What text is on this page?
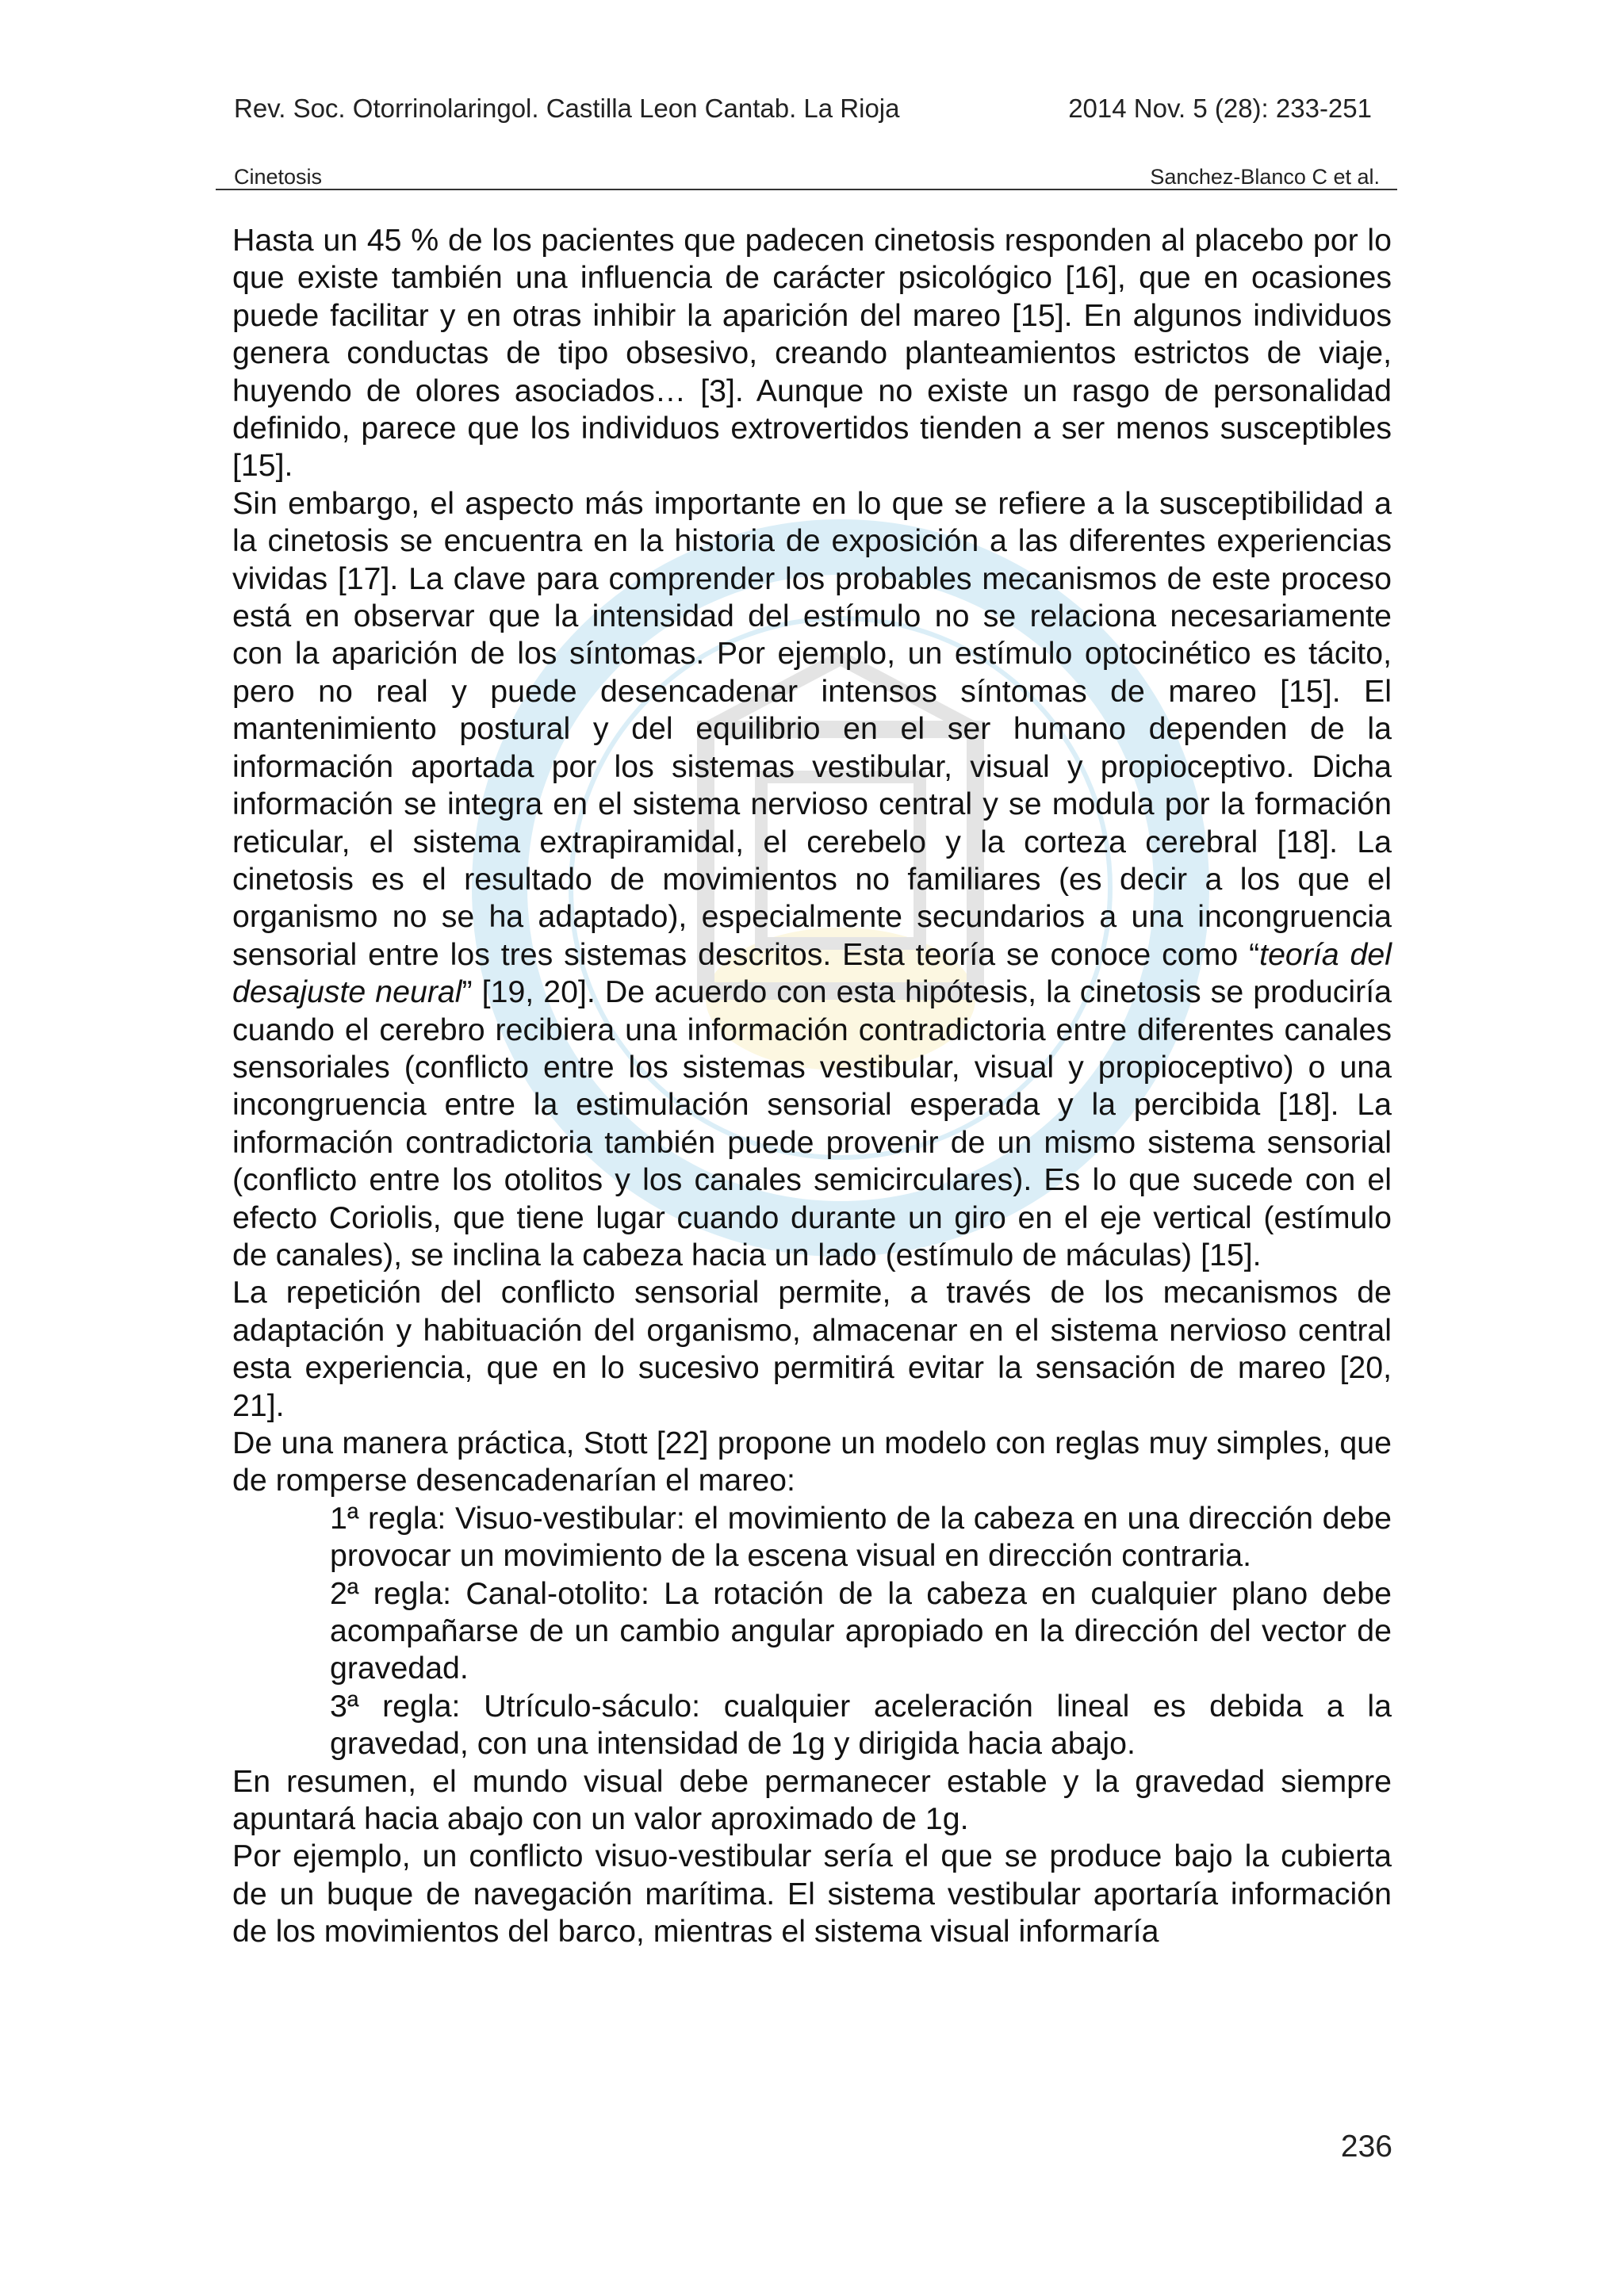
Rev. Soc. Otorrinolaringol. Castilla Leon Cantab. La Rioja	2014 Nov. 5 (28): 233-251
Cinetosis	Sanchez-Blanco C et al.

Hasta un 45 % de los pacientes que padecen cinetosis responden al placebo por lo que existe también una influencia de carácter psicológico [16], que en ocasiones puede facilitar y en otras inhibir la aparición del mareo [15]. En algunos individuos genera conductas de tipo obsesivo, creando planteamientos estrictos de viaje, huyendo de olores asociados… [3]. Aunque no existe un rasgo de personalidad definido, parece que los individuos extrovertidos tienden a ser menos susceptibles [15].

Sin embargo, el aspecto más importante en lo que se refiere a la susceptibilidad a la cinetosis se encuentra en la historia de exposición a las diferentes experiencias vividas [17]. La clave para comprender los probables mecanismos de este proceso está en observar que la intensidad del estímulo no se relaciona necesariamente con la aparición de los síntomas. Por ejemplo, un estímulo optocinético es tácito, pero no real y puede desencadenar intensos síntomas de mareo [15]. El mantenimiento postural y del equilibrio en el ser humano dependen de la información aportada por los sistemas vestibular, visual y propioceptivo. Dicha información se integra en el sistema nervioso central y se modula por la formación reticular, el sistema extrapiramidal, el cerebelo y la corteza cerebral [18]. La cinetosis es el resultado de movimientos no familiares (es decir a los que el organismo no se ha adaptado), especialmente secundarios a una incongruencia sensorial entre los tres sistemas descritos. Esta teoría se conoce como “teoría del desajuste neural” [19, 20]. De acuerdo con esta hipótesis, la cinetosis se produciría cuando el cerebro recibiera una información contradictoria entre diferentes canales sensoriales (conflicto entre los sistemas vestibular, visual y propioceptivo) o una incongruencia entre la estimulación sensorial esperada y la percibida [18]. La información contradictoria también puede provenir de un mismo sistema sensorial (conflicto entre los otolitos y los canales semicirculares). Es lo que sucede con el efecto Coriolis, que tiene lugar cuando durante un giro en el eje vertical (estímulo de canales), se inclina la cabeza hacia un lado (estímulo de máculas) [15].

La repetición del conflicto sensorial permite, a través de los mecanismos de adaptación y habituación del organismo, almacenar en el sistema nervioso central esta experiencia, que en lo sucesivo permitirá evitar la sensación de mareo [20, 21].

De una manera práctica, Stott [22] propone un modelo con reglas muy simples, que de romperse desencadenarían el mareo:

1ª regla: Visuo-vestibular: el movimiento de la cabeza en una dirección debe provocar un movimiento de la escena visual en dirección contraria.

2ª regla: Canal-otolito: La rotación de la cabeza en cualquier plano debe acompañarse de un cambio angular apropiado en la dirección del vector de gravedad.

3ª regla: Utrículo-sáculo: cualquier aceleración lineal es debida a la gravedad, con una intensidad de 1g y dirigida hacia abajo.

En resumen, el mundo visual debe permanecer estable y la gravedad siempre apuntará hacia abajo con un valor aproximado de 1g.

Por ejemplo, un conflicto visuo-vestibular sería el que se produce bajo la cubierta de un buque de navegación marítima. El sistema vestibular aportaría información de los movimientos del barco, mientras el sistema visual informaría

236
